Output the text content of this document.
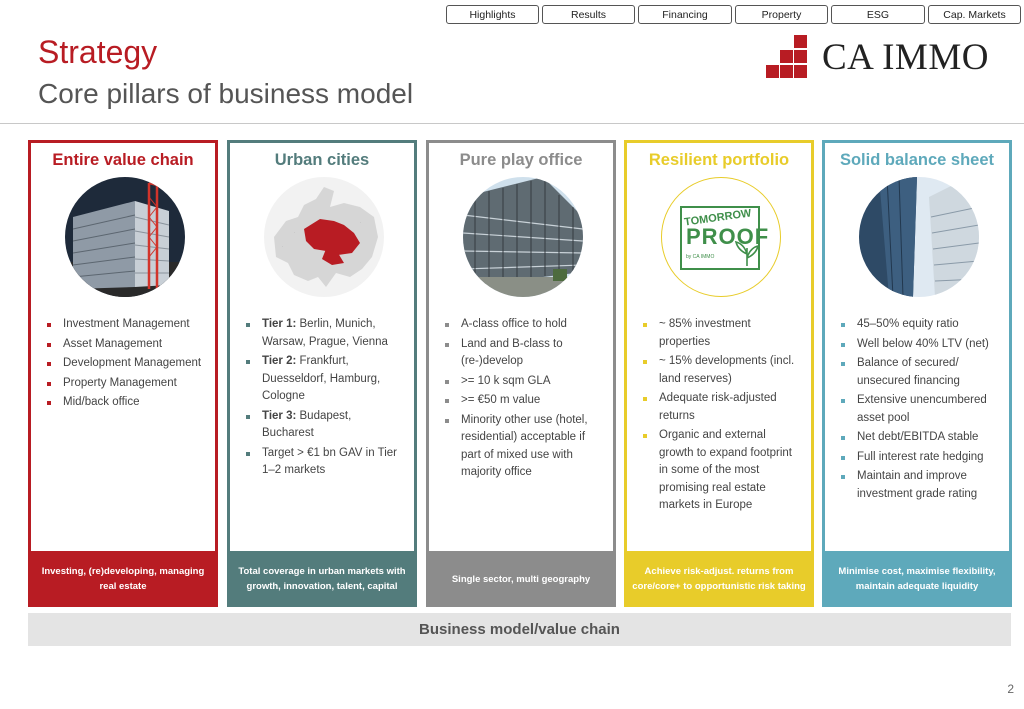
Highlights	Results	Financing	Property	ESG	Cap. Markets
Strategy
Core pillars of business model
CA IMMO
Entire value chain
Investment Management
Asset Management
Development Management
Property Management
Mid/back office
Investing, (re)developing, managing real estate
Urban cities
.
.
.
Tier 1: Berlin, Munich, Warsaw, Prague, Vienna
Tier 2: Frankfurt, Duesseldorf, Hamburg, Cologne
Tier 3: Budapest, Bucharest
Target > €1 bn GAV in Tier 1–2 markets
Total coverage in urban markets with growth, innovation, talent, capital
Pure play office
A-class office to hold
Land and B-class to (re-)develop
>= 10 k sqm GLA
>= €50 m value
Minority other use (hotel, residential) acceptable if part of mixed use with majority office
Single sector, multi geography
Resilient portfolio
TOMORROW
PROOF
by CA IMMO
~ 85% investment properties
~ 15% developments (incl. land reserves)
Adequate risk-adjusted returns
Organic and external growth to expand footprint in some of the most promising real estate markets in Europe
Achieve risk-adjust. returns from core/core+ to opportunistic risk taking
Solid balance sheet
45–50% equity ratio
Well below 40% LTV (net)
Balance of secured/ unsecured financing
Extensive unencumbered asset pool
Net debt/EBITDA stable
Full interest rate hedging
Maintain and improve investment grade rating
Minimise cost, maximise flexibility, maintain adequate liquidity
Business model/value chain
2
